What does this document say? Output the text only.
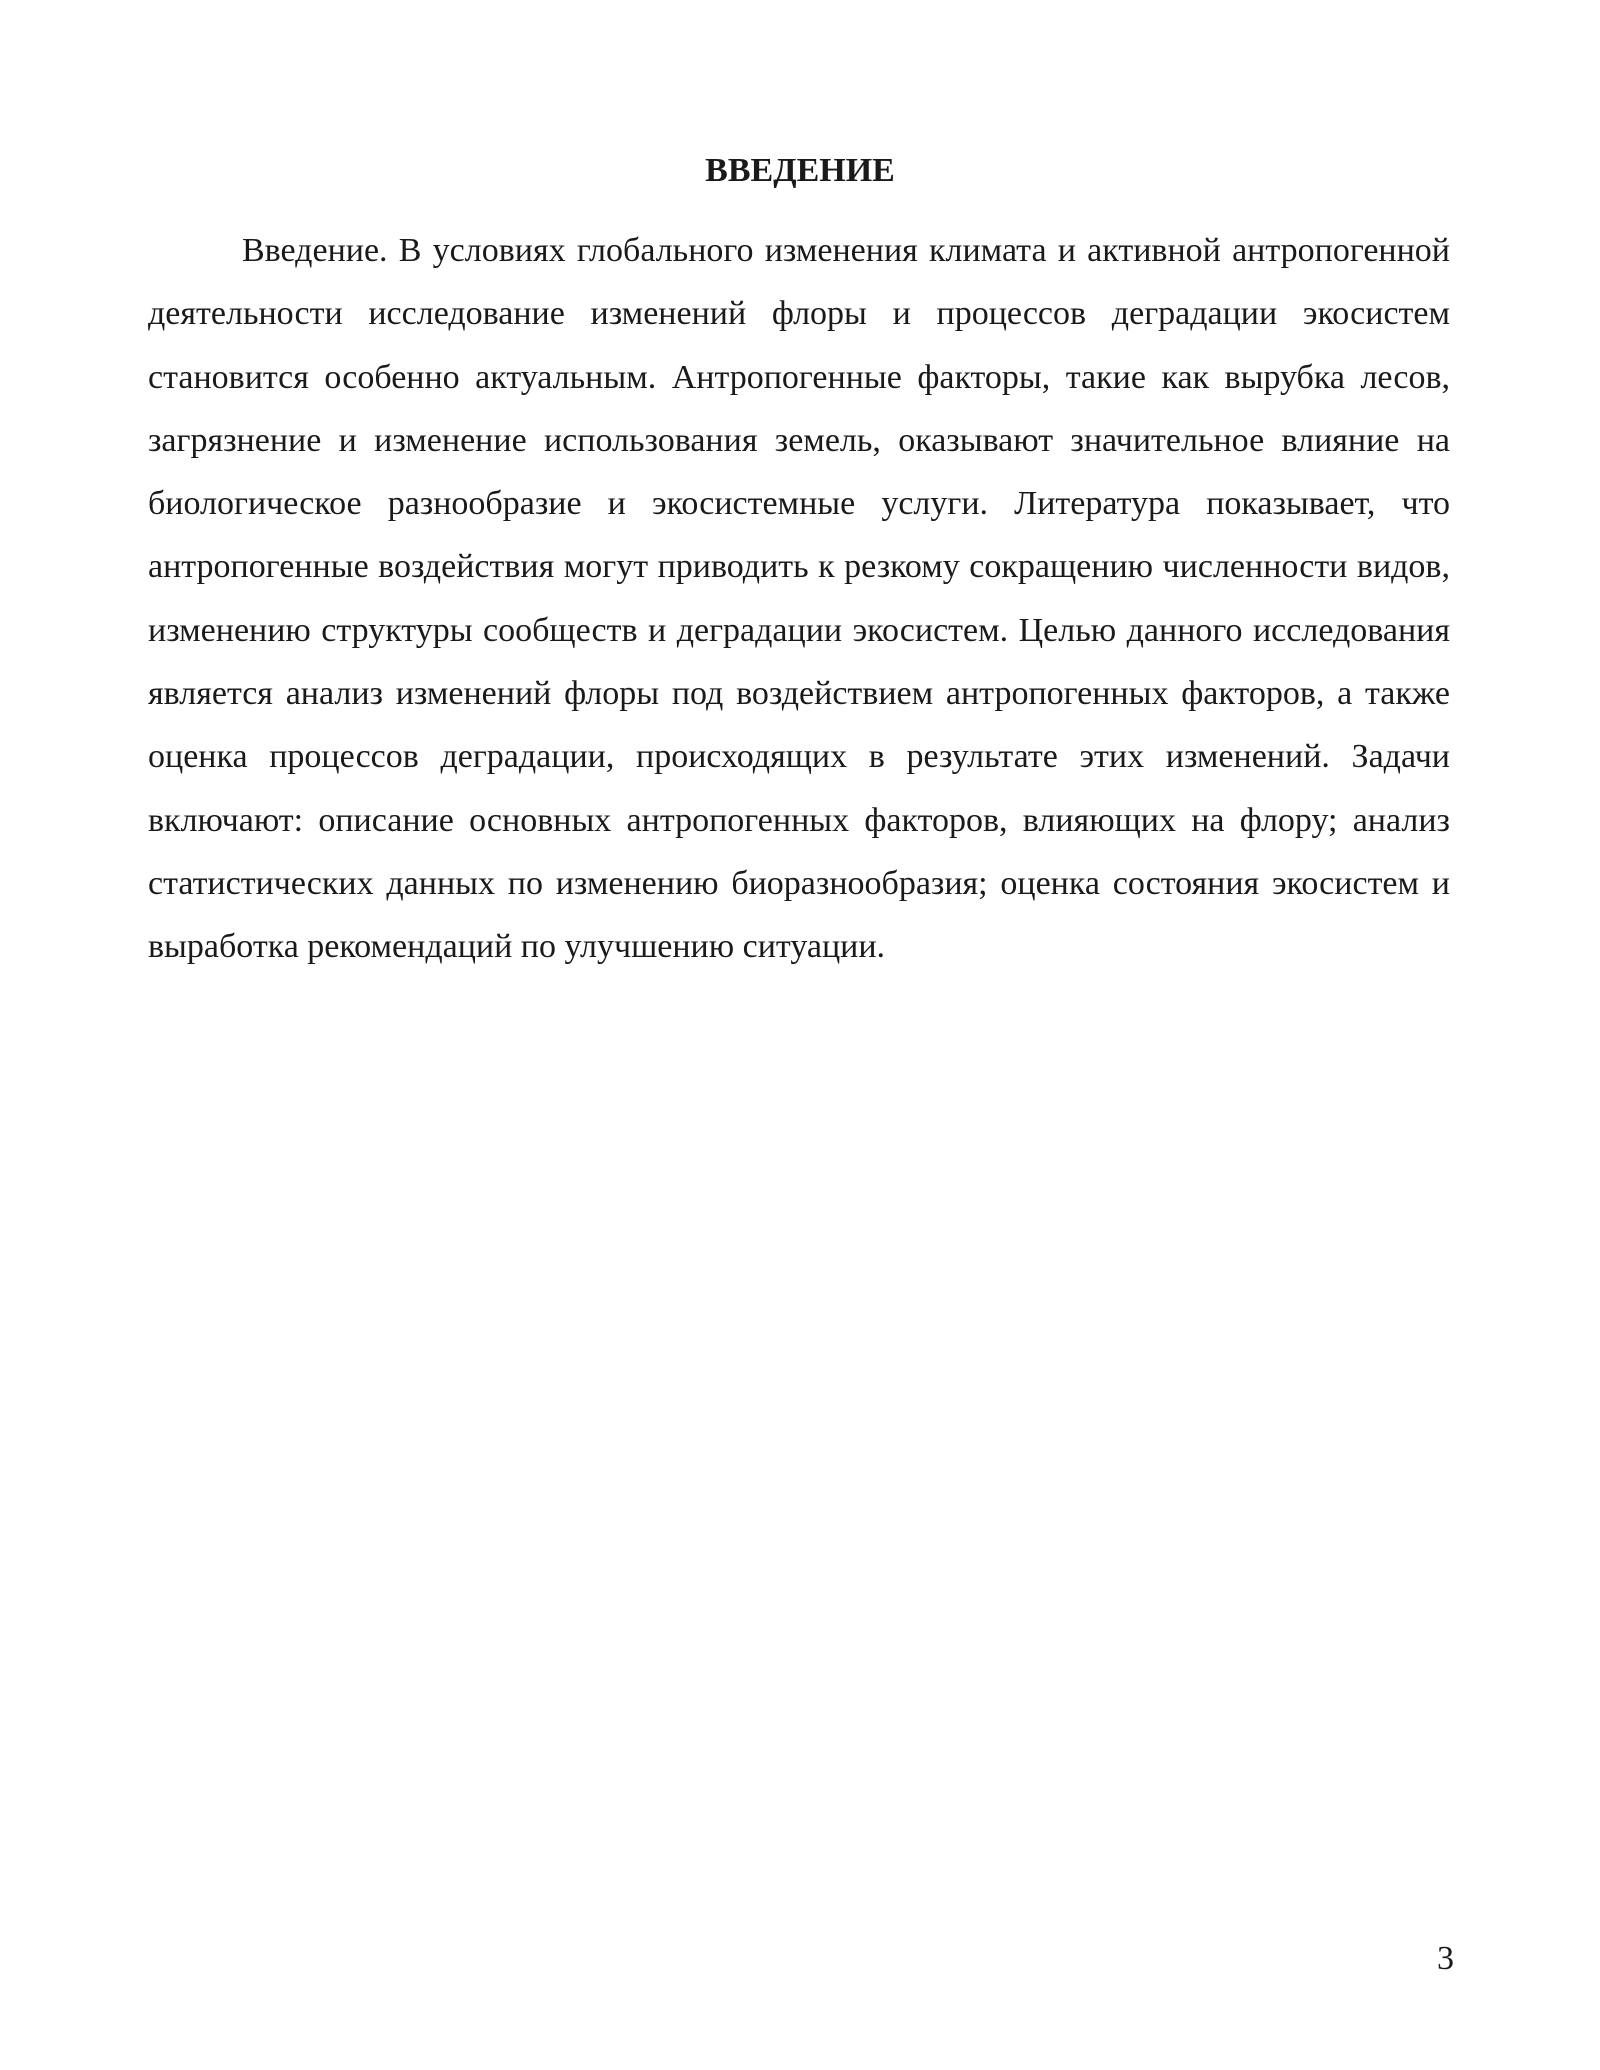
ВВЕДЕНИЕ

Введение. В условиях глобального изменения климата и активной антропогенной деятельности исследование изменений флоры и процессов деградации экосистем становится особенно актуальным. Антропогенные факторы, такие как вырубка лесов, загрязнение и изменение использования земель, оказывают значительное влияние на биологическое разнообразие и экосистемные услуги. Литература показывает, что антропогенные воздействия могут приводить к резкому сокращению численности видов, изменению структуры сообществ и деградации экосистем. Целью данного исследования является анализ изменений флоры под воздействием антропогенных факторов, а также оценка процессов деградации, происходящих в результате этих изменений. Задачи включают: описание основных антропогенных факторов, влияющих на флору; анализ статистических данных по изменению биоразнообразия; оценка состояния экосистем и выработка рекомендаций по улучшению ситуации.

3
